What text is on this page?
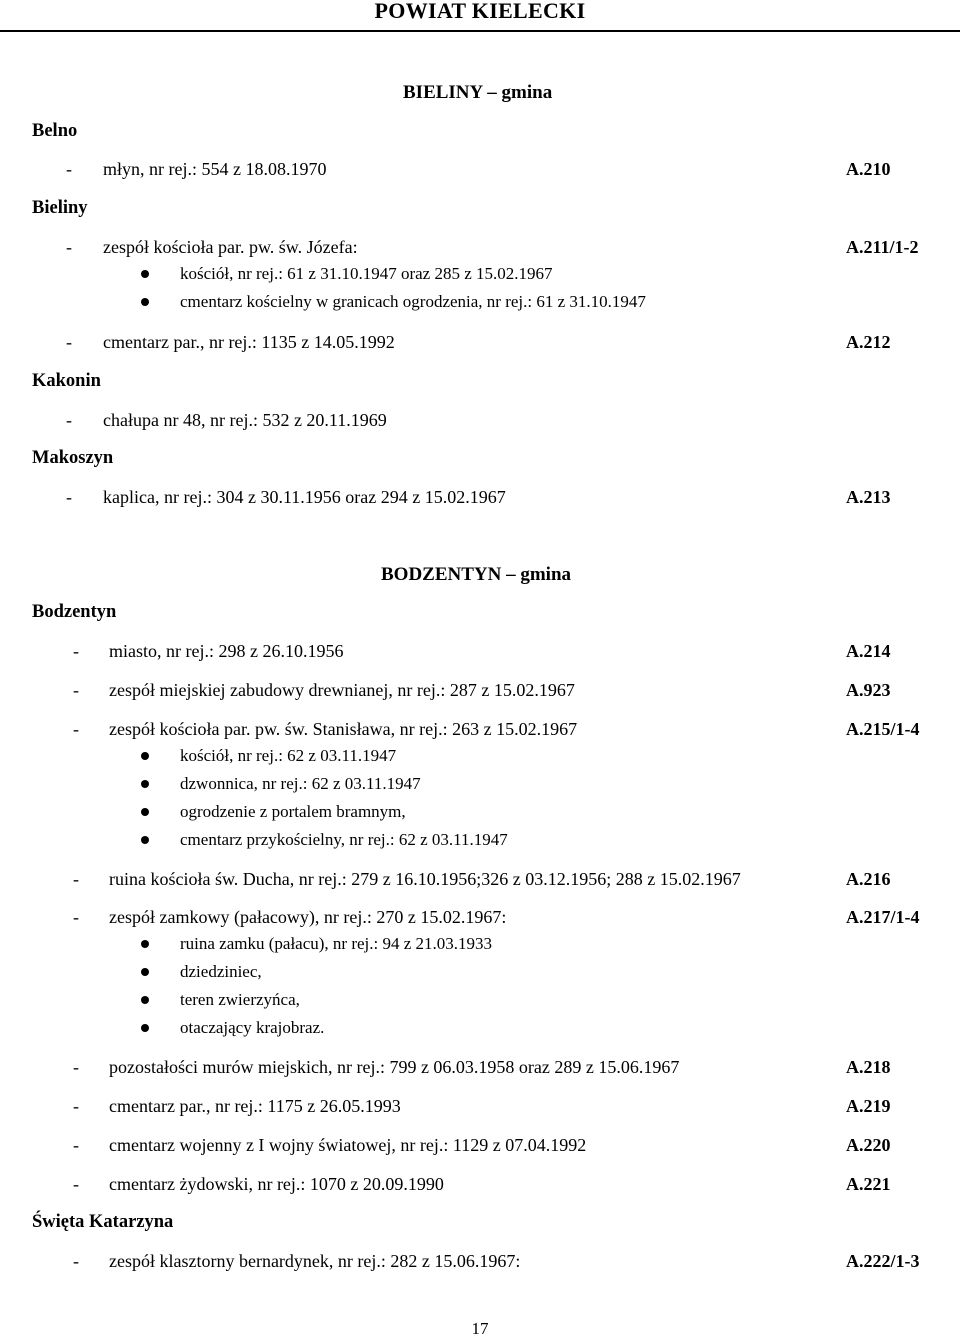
POWIAT KIELECKI
BIELINY – gmina
Belno
- młyn, nr rej.: 554 z 18.08.1970	A.210
Bieliny
- zespół kościoła par. pw. św. Józefa:	A.211/1-2
kościół, nr rej.: 61 z 31.10.1947 oraz 285 z 15.02.1967
cmentarz kościelny w granicach ogrodzenia, nr rej.: 61 z 31.10.1947
- cmentarz par., nr rej.: 1135 z 14.05.1992	A.212
Kakonin
- chałupa nr 48, nr rej.: 532 z 20.11.1969
Makoszyn
- kaplica, nr rej.: 304 z 30.11.1956 oraz 294 z 15.02.1967	A.213
BODZENTYN – gmina
Bodzentyn
- miasto, nr rej.: 298 z 26.10.1956	A.214
- zespół miejskiej zabudowy drewnianej, nr rej.: 287 z 15.02.1967	A.923
- zespół kościoła par. pw. św. Stanisława, nr rej.: 263 z 15.02.1967	A.215/1-4
kościół, nr rej.: 62 z 03.11.1947
dzwonnica, nr rej.: 62 z 03.11.1947
ogrodzenie z portalem bramnym,
cmentarz przykościelny, nr rej.: 62 z 03.11.1947
- ruina kościoła św. Ducha, nr rej.: 279 z 16.10.1956;326 z 03.12.1956; 288 z 15.02.1967	A.216
- zespół zamkowy (pałacowy), nr rej.: 270 z 15.02.1967:	A.217/1-4
ruina zamku (pałacu), nr rej.: 94 z 21.03.1933
dziedziniec,
teren zwierzyńca,
otaczający krajobraz.
- pozostałości murów miejskich, nr rej.: 799 z 06.03.1958 oraz 289 z 15.06.1967	A.218
- cmentarz par., nr rej.: 1175 z 26.05.1993	A.219
- cmentarz wojenny z I wojny światowej, nr rej.: 1129 z 07.04.1992	A.220
- cmentarz żydowski, nr rej.: 1070 z 20.09.1990	A.221
Święta Katarzyna
- zespół klasztorny bernardynek, nr rej.: 282 z 15.06.1967:	A.222/1-3
17
